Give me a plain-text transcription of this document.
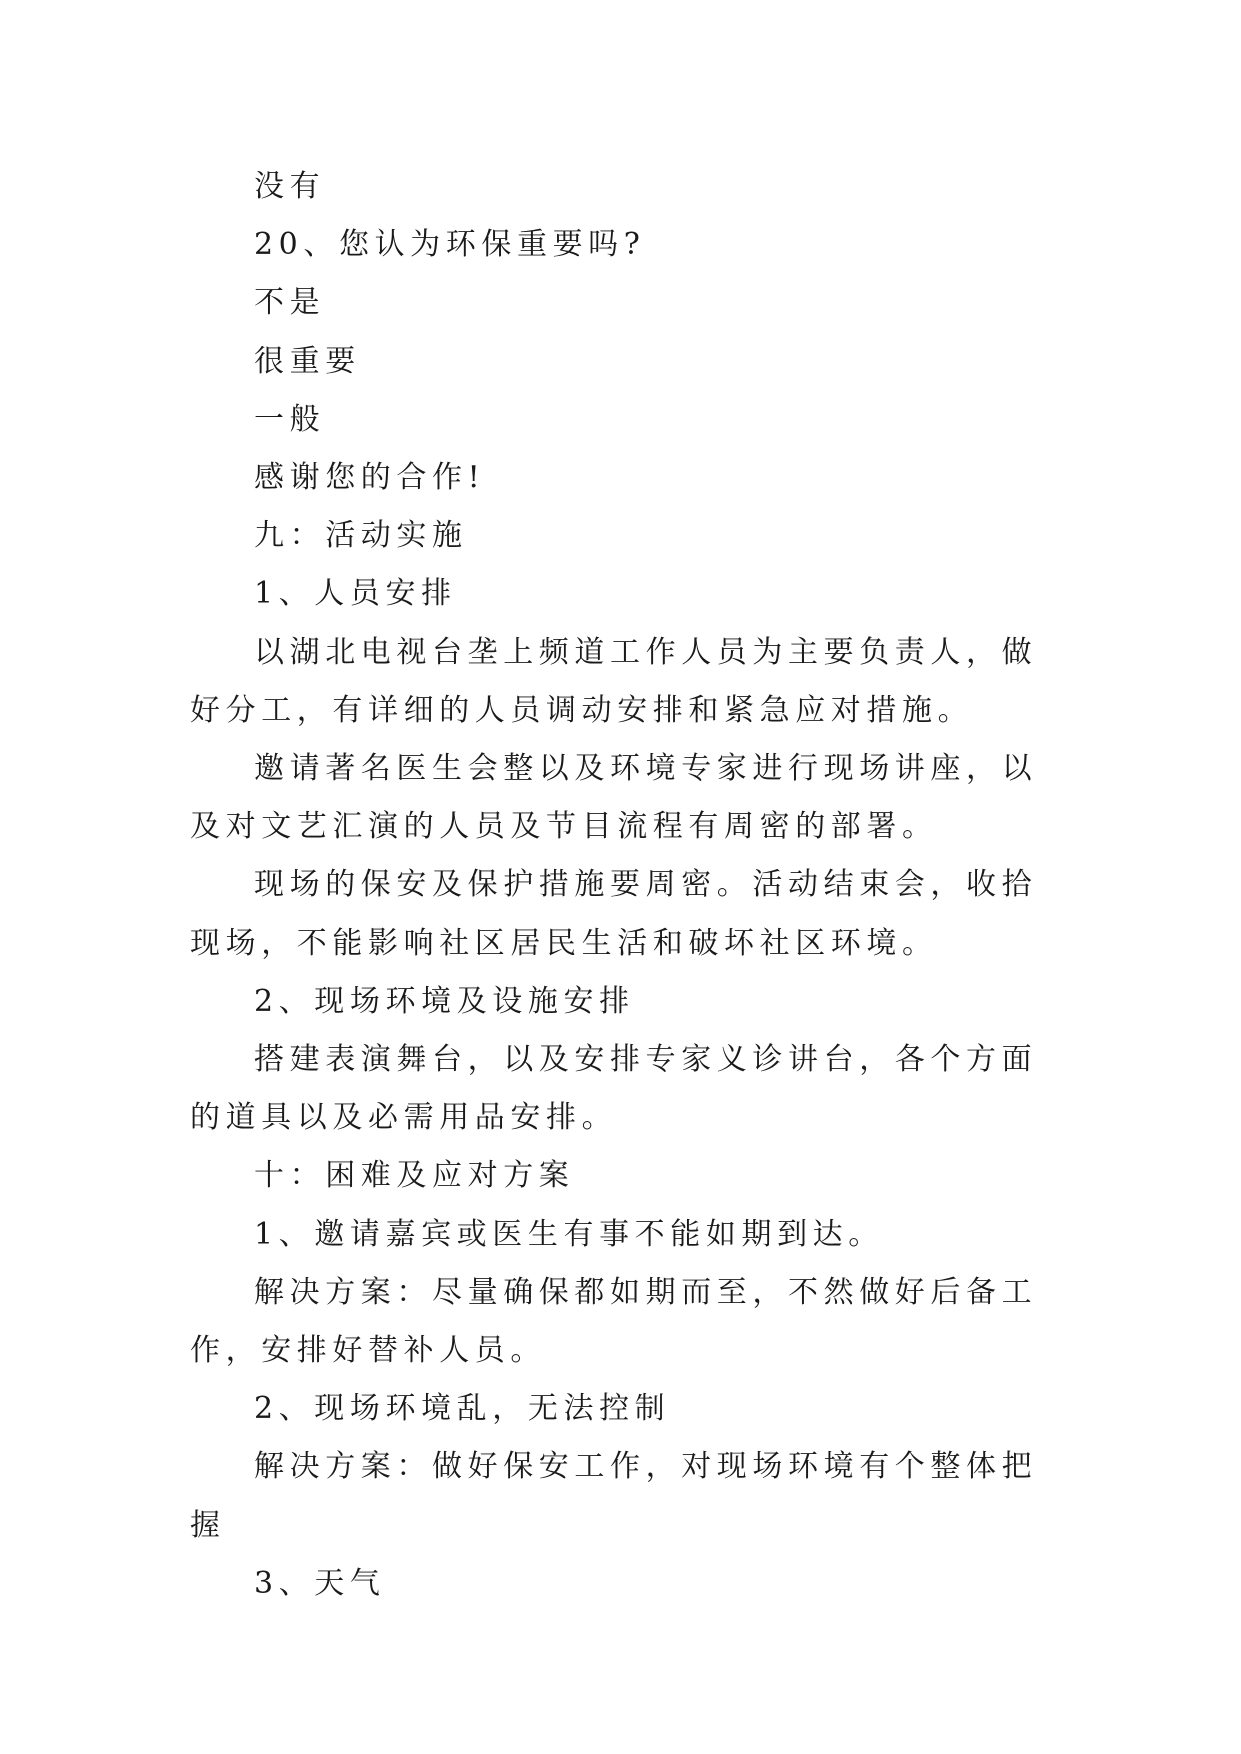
没有

20、您认为环保重要吗?

不是

很重要

一般

感谢您的合作!

九：活动实施

1、人员安排

以湖北电视台垄上频道工作人员为主要负责人，做好分工，有详细的人员调动安排和紧急应对措施。

邀请著名医生会整以及环境专家进行现场讲座，以及对文艺汇演的人员及节目流程有周密的部署。

现场的保安及保护措施要周密。活动结束会，收拾现场，不能影响社区居民生活和破坏社区环境。

2、现场环境及设施安排

搭建表演舞台，以及安排专家义诊讲台，各个方面的道具以及必需用品安排。

十：困难及应对方案

1、邀请嘉宾或医生有事不能如期到达。

解决方案：尽量确保都如期而至，不然做好后备工作，安排好替补人员。

2、现场环境乱，无法控制

解决方案：做好保安工作，对现场环境有个整体把握

3、天气
